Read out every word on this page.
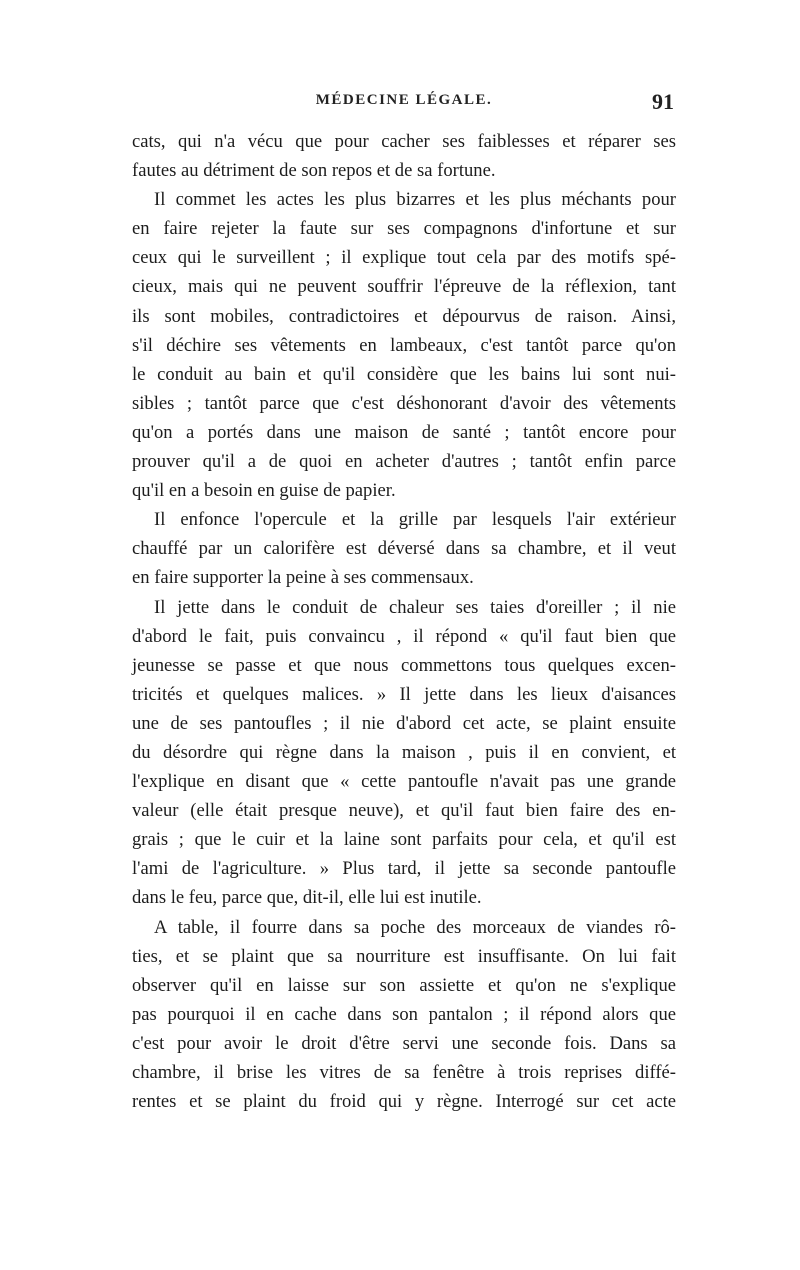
MÉDECINE LÉGALE.	91
cats, qui n'a vécu que pour cacher ses faiblesses et réparer ses
fautes au détriment de son repos et de sa fortune.
Il commet les actes les plus bizarres et les plus méchants pour
en faire rejeter la faute sur ses compagnons d'infortune et sur
ceux qui le surveillent ; il explique tout cela par des motifs spé-
cieux, mais qui ne peuvent souffrir l'épreuve de la réflexion, tant
ils sont mobiles, contradictoires et dépourvus de raison. Ainsi,
s'il déchire ses vêtements en lambeaux, c'est tantôt parce qu'on
le conduit au bain et qu'il considère que les bains lui sont nui-
sibles ; tantôt parce que c'est déshonorant d'avoir des vêtements
qu'on a portés dans une maison de santé ; tantôt encore pour
prouver qu'il a de quoi en acheter d'autres ; tantôt enfin parce
qu'il en a besoin en guise de papier.
Il enfonce l'opercule et la grille par lesquels l'air extérieur
chauffé par un calorifère est déversé dans sa chambre, et il veut
en faire supporter la peine à ses commensaux.
Il jette dans le conduit de chaleur ses taies d'oreiller ; il nie
d'abord le fait, puis convaincu , il répond « qu'il faut bien que
jeunesse se passe et que nous commettons tous quelques excen-
tricités et quelques malices. » Il jette dans les lieux d'aisances
une de ses pantoufles ; il nie d'abord cet acte, se plaint ensuite
du désordre qui règne dans la maison , puis il en convient, et
l'explique en disant que « cette pantoufle n'avait pas une grande
valeur (elle était presque neuve), et qu'il faut bien faire des en-
grais ; que le cuir et la laine sont parfaits pour cela, et qu'il est
l'ami de l'agriculture. » Plus tard, il jette sa seconde pantoufle
dans le feu, parce que, dit-il, elle lui est inutile.
A table, il fourre dans sa poche des morceaux de viandes rô-
ties, et se plaint que sa nourriture est insuffisante. On lui fait
observer qu'il en laisse sur son assiette et qu'on ne s'explique
pas pourquoi il en cache dans son pantalon ; il répond alors que
c'est pour avoir le droit d'être servi une seconde fois. Dans sa
chambre, il brise les vitres de sa fenêtre à trois reprises diffé-
rentes et se plaint du froid qui y règne. Interrogé sur cet acte
